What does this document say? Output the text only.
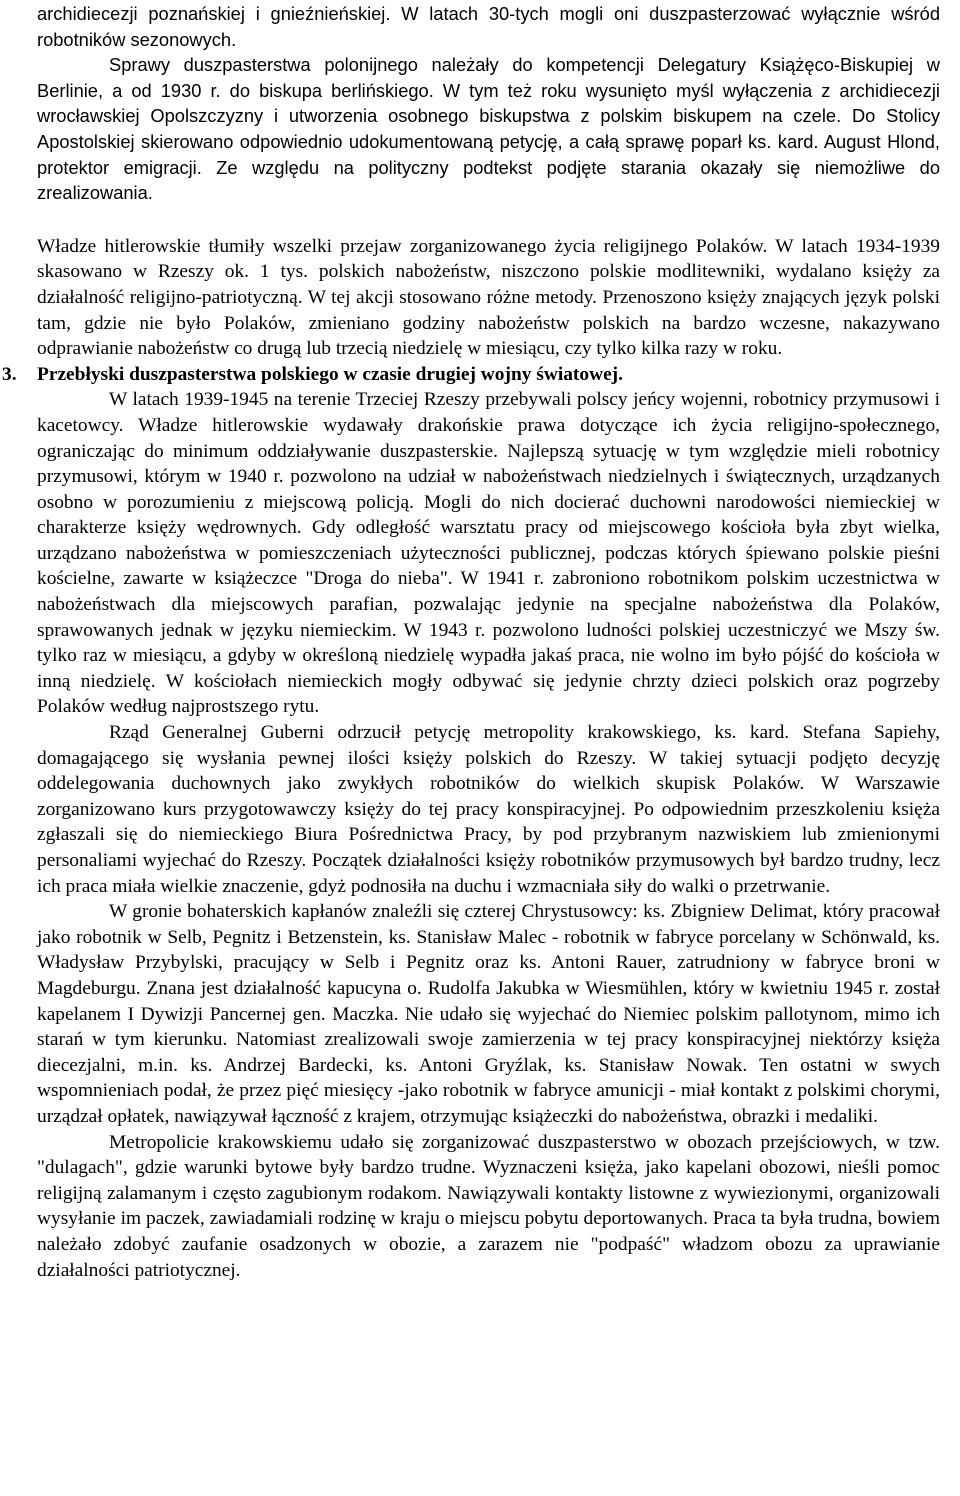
archidiecezji poznańskiej i gnieźnieńskiej. W latach 30-tych mogli oni duszpasterzować wyłącznie wśród robotników sezonowych.

Sprawy duszpasterstwa polonijnego należały do kompetencji Delegatury Książęco-Biskupiej w Berlinie, a od 1930 r. do biskupa berlińskiego. W tym też roku wysunięto myśl wyłączenia z archidiecezji wrocławskiej Opolszczyzny i utworzenia osobnego biskupstwa z polskim biskupem na czele. Do Stolicy Apostolskiej skierowano odpowiednio udokumentowaną petycję, a całą sprawę poparł ks. kard. August Hlond, protektor emigracji. Ze względu na polityczny podtekst podjęte starania okazały się niemożliwe do zrealizowania.

Władze hitlerowskie tłumiły wszelki przejaw zorganizowanego życia religijnego Polaków. W latach 1934-1939 skasowano w Rzeszy ok. 1 tys. polskich nabożeństw, niszczono polskie modlitewniki, wydalano księży za działalność religijno-patriotyczną. W tej akcji stosowano różne metody. Przenoszono księży znających język polski tam, gdzie nie było Polaków, zmieniano godziny nabożeństw polskich na bardzo wczesne, nakazywano odprawianie nabożeństw co drugą lub trzecią niedzielę w miesiącu, czy tylko kilka razy w roku.

3. Przebłyski duszpasterstwa polskiego w czasie drugiej wojny światowej.

W latach 1939-1945 na terenie Trzeciej Rzeszy przebywali polscy jeńcy wojenni, robotnicy przymusowi i kacetowcy. Władze hitlerowskie wydawały drakońskie prawa dotyczące ich życia religijno-społecznego, ograniczając do minimum oddziaływanie duszpasterskie. Najlepszą sytuację w tym względzie mieli robotnicy przymusowi, którym w 1940 r. pozwolono na udział w nabożeństwach niedzielnych i świątecznych, urządzanych osobno w porozumieniu z miejscową policją. Mogli do nich docierać duchowni narodowości niemieckiej w charakterze księży wędrownych. Gdy odległość warsztatu pracy od miejscowego kościoła była zbyt wielka, urządzano nabożeństwa w pomieszczeniach użyteczności publicznej, podczas których śpiewano polskie pieśni kościelne, zawarte w książeczce "Droga do nieba". W 1941 r. zabroniono robotnikom polskim uczestnictwa w nabożeństwach dla miejscowych parafian, pozwalając jedynie na specjalne nabożeństwa dla Polaków, sprawowanych jednak w języku niemieckim. W 1943 r. pozwolono ludności polskiej uczestniczyć we Mszy św. tylko raz w miesiącu, a gdyby w określoną niedzielę wypadła jakaś praca, nie wolno im było pójść do kościoła w inną niedzielę. W kościołach niemieckich mogły odbywać się jedynie chrzty dzieci polskich oraz pogrzeby Polaków według najprostszego rytu.

Rząd Generalnej Guberni odrzucił petycję metropolity krakowskiego, ks. kard. Stefana Sapiehy, domagającego się wysłania pewnej ilości księży polskich do Rzeszy. W takiej sytuacji podjęto decyzję oddelegowania duchownych jako zwykłych robotników do wielkich skupisk Polaków. W Warszawie zorganizowano kurs przygotowawczy księży do tej pracy konspiracyjnej. Po odpowiednim przeszkoleniu księża zgłaszali się do niemieckiego Biura Pośrednictwa Pracy, by pod przybranym nazwiskiem lub zmienionymi personaliami wyjechać do Rzeszy. Początek działalności księży robotników przymusowych był bardzo trudny, lecz ich praca miała wielkie znaczenie, gdyż podnosiła na duchu i wzmacniała siły do walki o przetrwanie.

W gronie bohaterskich kapłanów znaleźli się czterej Chrystusowcy: ks. Zbigniew Delimat, który pracował jako robotnik w Selb, Pegnitz i Betzenstein, ks. Stanisław Malec - robotnik w fabryce porcelany w Schönwald, ks. Władysław Przybylski, pracujący w Selb i Pegnitz oraz ks. Antoni Rauer, zatrudniony w fabryce broni w Magdeburgu. Znana jest działalność kapucyna o. Rudolfa Jakubka w Wiesmühlen, który w kwietniu 1945 r. został kapelanem I Dywizji Pancernej gen. Maczka. Nie udało się wyjechać do Niemiec polskim pallotynom, mimo ich starań w tym kierunku. Natomiast zrealizowali swoje zamierzenia w tej pracy konspiracyjnej niektórzy księża diecezjalni, m.in. ks. Andrzej Bardecki, ks. Antoni Gryźlak, ks. Stanisław Nowak. Ten ostatni w swych wspomnieniach podał, że przez pięć miesięcy -jako robotnik w fabryce amunicji - miał kontakt z polskimi chorymi, urządzał opłatek, nawiązywał łączność z krajem, otrzymując książeczki do nabożeństwa, obrazki i medaliki.

Metropolicie krakowskiemu udało się zorganizować duszpasterstwo w obozach przejściowych, w tzw. "dulagach", gdzie warunki bytowe były bardzo trudne. Wyznaczeni księża, jako kapelani obozowi, nieśli pomoc religijną zalamanym i często zagubionym rodakom. Nawiązywali kontakty listowne z wywiezionymi, organizowali wysyłanie im paczek, zawiadamiali rodzinę w kraju o miejscu pobytu deportowanych. Praca ta była trudna, bowiem należało zdobyć zaufanie osadzonych w obozie, a zarazem nie "podpaść" władzom obozu za uprawianie działalności patriotycznej.
